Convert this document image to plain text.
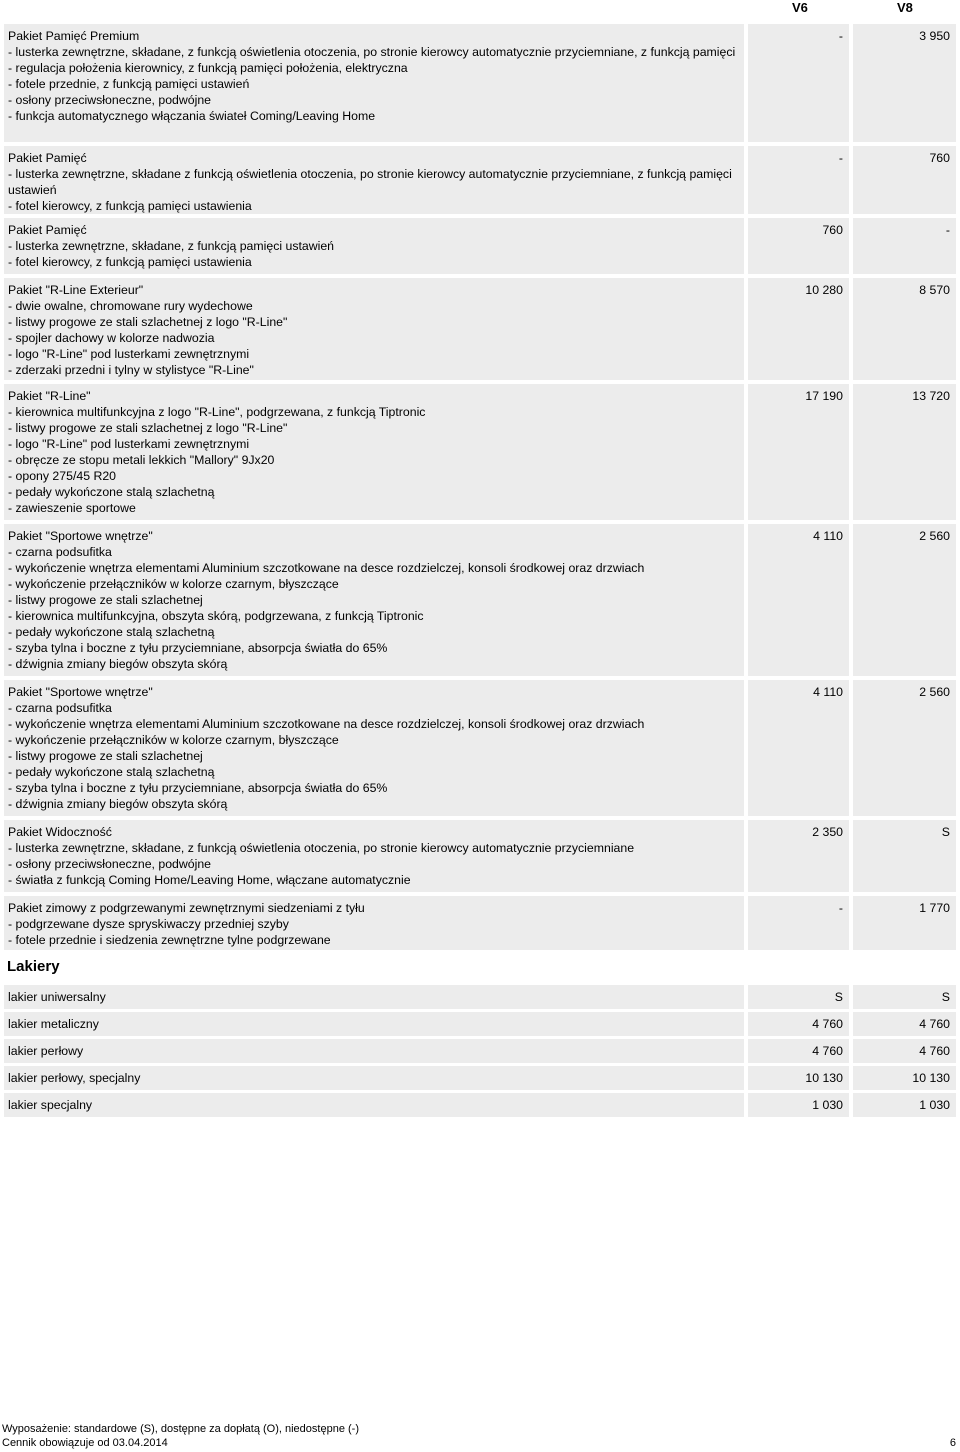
V6	V8
Pakiet Pamięć Premium
- lusterka zewnętrzne, składane, z funkcją oświetlenia otoczenia, po stronie kierowcy automatycznie przyciemniane, z funkcją pamięci
- regulacja położenia kierownicy, z funkcją pamięci położenia, elektryczna
- fotele przednie, z funkcją pamięci ustawień
- osłony przeciwsłoneczne, podwójne
- funkcja automatycznego włączania świateł Coming/Leaving Home
-	3 950
Pakiet Pamięć
- lusterka zewnętrzne, składane z funkcją oświetlenia otoczenia, po stronie kierowcy automatycznie przyciemniane, z funkcją pamięci ustawień
- fotel kierowcy, z funkcją pamięci ustawienia
-	760
Pakiet Pamięć
- lusterka zewnętrzne, składane, z funkcją pamięci ustawień
- fotel kierowcy, z funkcją pamięci ustawienia
760	-
Pakiet "R-Line Exterieur"
- dwie owalne, chromowane rury wydechowe
- listwy progowe ze stali szlachetnej z logo "R-Line"
- spojler dachowy w kolorze nadwozia
- logo "R-Line" pod lusterkami zewnętrznymi
- zderzaki przedni i tylny w stylistyce "R-Line"
10 280	8 570
Pakiet "R-Line"
- kierownica multifunkcyjna z logo "R-Line", podgrzewana, z funkcją Tiptronic
- listwy progowe ze stali szlachetnej z logo "R-Line"
- logo "R-Line" pod lusterkami zewnętrznymi
- obręcze ze stopu metali lekkich "Mallory" 9Jx20
- opony 275/45 R20
- pedały wykończone stalą szlachetną
- zawieszenie sportowe
17 190	13 720
Pakiet "Sportowe wnętrze"
- czarna podsufitka
- wykończenie wnętrza elementami Aluminium szczotkowane na desce rozdzielczej, konsoli środkowej oraz drzwiach
- wykończenie przełączników w kolorze czarnym, błyszczące
- listwy progowe ze stali szlachetnej
- kierownica multifunkcyjna, obszyta skórą, podgrzewana, z funkcją Tiptronic
- pedały wykończone stalą szlachetną
- szyba tylna i boczne z tyłu przyciemniane, absorpcja światła do 65%
- dźwignia zmiany biegów obszyta skórą
4 110	2 560
Pakiet "Sportowe wnętrze"
- czarna podsufitka
- wykończenie wnętrza elementami Aluminium szczotkowane na desce rozdzielczej, konsoli środkowej oraz drzwiach
- wykończenie przełączników w kolorze czarnym, błyszczące
- listwy progowe ze stali szlachetnej
- pedały wykończone stalą szlachetną
- szyba tylna i boczne z tyłu przyciemniane, absorpcja światła do 65%
- dźwignia zmiany biegów obszyta skórą
4 110	2 560
Pakiet Widoczność
- lusterka zewnętrzne, składane, z funkcją oświetlenia otoczenia, po stronie kierowcy automatycznie przyciemniane
- osłony przeciwsłoneczne, podwójne
- światła z funkcją Coming Home/Leaving Home, włączane automatycznie
2 350	S
Pakiet zimowy z podgrzewanymi zewnętrznymi siedzeniami z tyłu
- podgrzewane dysze spryskiwaczy przedniej szyby
- fotele przednie i siedzenia zewnętrzne tylne podgrzewane
-	1 770
Lakiery
lakier uniwersalny	S	S
lakier metaliczny	4 760	4 760
lakier perłowy	4 760	4 760
lakier perłowy, specjalny	10 130	10 130
lakier specjalny	1 030	1 030
Wyposażenie: standardowe (S), dostępne za dopłatą (O), niedostępne (-)
Cennik obowiązuje od 03.04.2014	6
